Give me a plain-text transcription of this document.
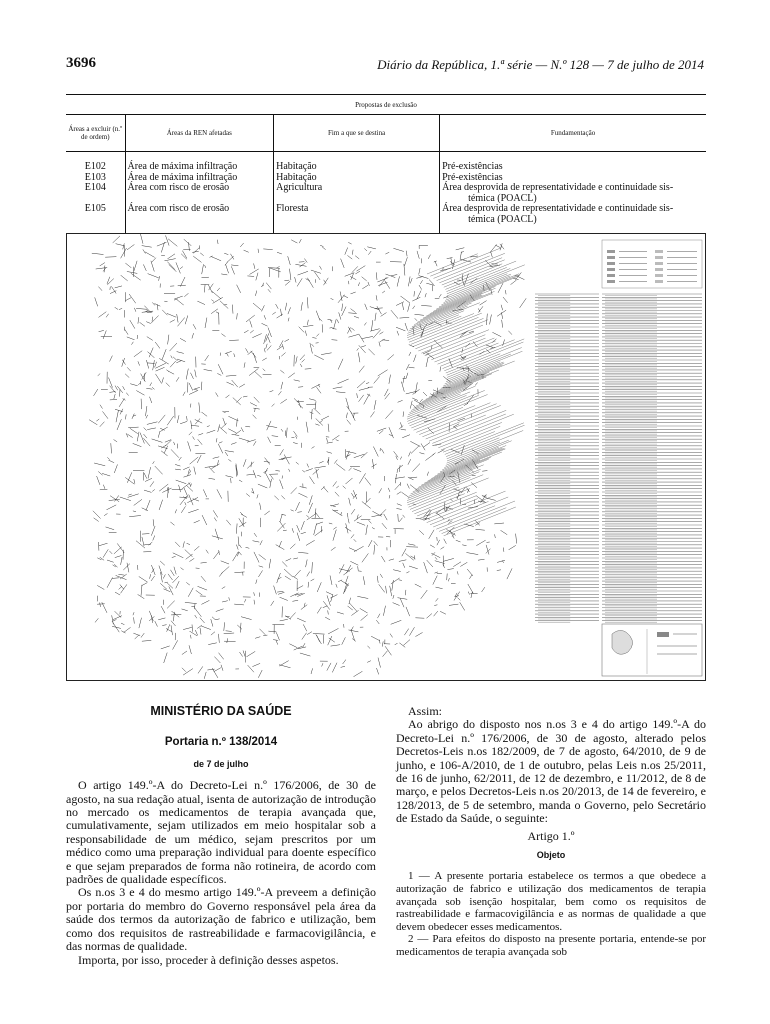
3696	Diário da República, 1.ª série — N.º 128 — 7 de julho de 2014
Propostas de exclusão			
Áreas a excluir (n.º de ordem)	Áreas da REN afetadas	Fim a que se destina	Fundamentação
E102	Área de máxima infiltração	Habitação	Pré-existências
E103	Área de máxima infiltração	Habitação	Pré-existências
E104	Área com risco de erosão	Agricultura	Área desprovida de representatividade e continuidade sis-
témica (POACL)

E105	Área com risco de erosão	Floresta	Área desprovida de representatividade e continuidade sis-
témica (POACL)
MINISTÉRIO DA SAÚDE
Portaria n.º 138/2014
de 7 de julho

O artigo 149.º-A do Decreto-Lei n.º 176/2006, de 30 de agosto, na sua redação atual, isenta de autorização de introdução no mercado os medicamentos de terapia avançada que, cumulativamente, sejam utilizados em meio hospitalar sob a responsabilidade de um médico, sejam prescritos por um médico como uma preparação individual para doente específico e que sejam preparados de forma não rotineira, de acordo com padrões de qualidade específicos.

Os n.os 3 e 4 do mesmo artigo 149.º-A preveem a definição por portaria do membro do Governo responsável pela área da saúde dos termos da autorização de fabrico e utilização, bem como dos requisitos de rastreabilidade e farmacovigilância, e das normas de qualidade.

Importa, por isso, proceder à definição desses aspetos.

Assim:

Ao abrigo do disposto nos n.os 3 e 4 do artigo 149.º-A do Decreto-Lei n.º 176/2006, de 30 de agosto, alterado pelos Decretos-Leis n.os 182/2009, de 7 de agosto, 64/2010, de 9 de junho, e 106-A/2010, de 1 de outubro, pelas Leis n.os 25/2011, de 16 de junho, 62/2011, de 12 de dezembro, e 11/2012, de 8 de março, e pelos Decretos-Leis n.os 20/2013, de 14 de fevereiro, e 128/2013, de 5 de setembro, manda o Governo, pelo Secretário de Estado da Saúde, o seguinte:

Artigo 1.º
Objeto

1 — A presente portaria estabelece os termos a que obedece a autorização de fabrico e utilização dos medicamentos de terapia avançada sob isenção hospitalar, bem como os requisitos de rastreabilidade e farmacovigilância e as normas de qualidade a que devem obedecer esses medicamentos.

2 — Para efeitos do disposto na presente portaria, entende-se por medicamentos de terapia avançada sob
